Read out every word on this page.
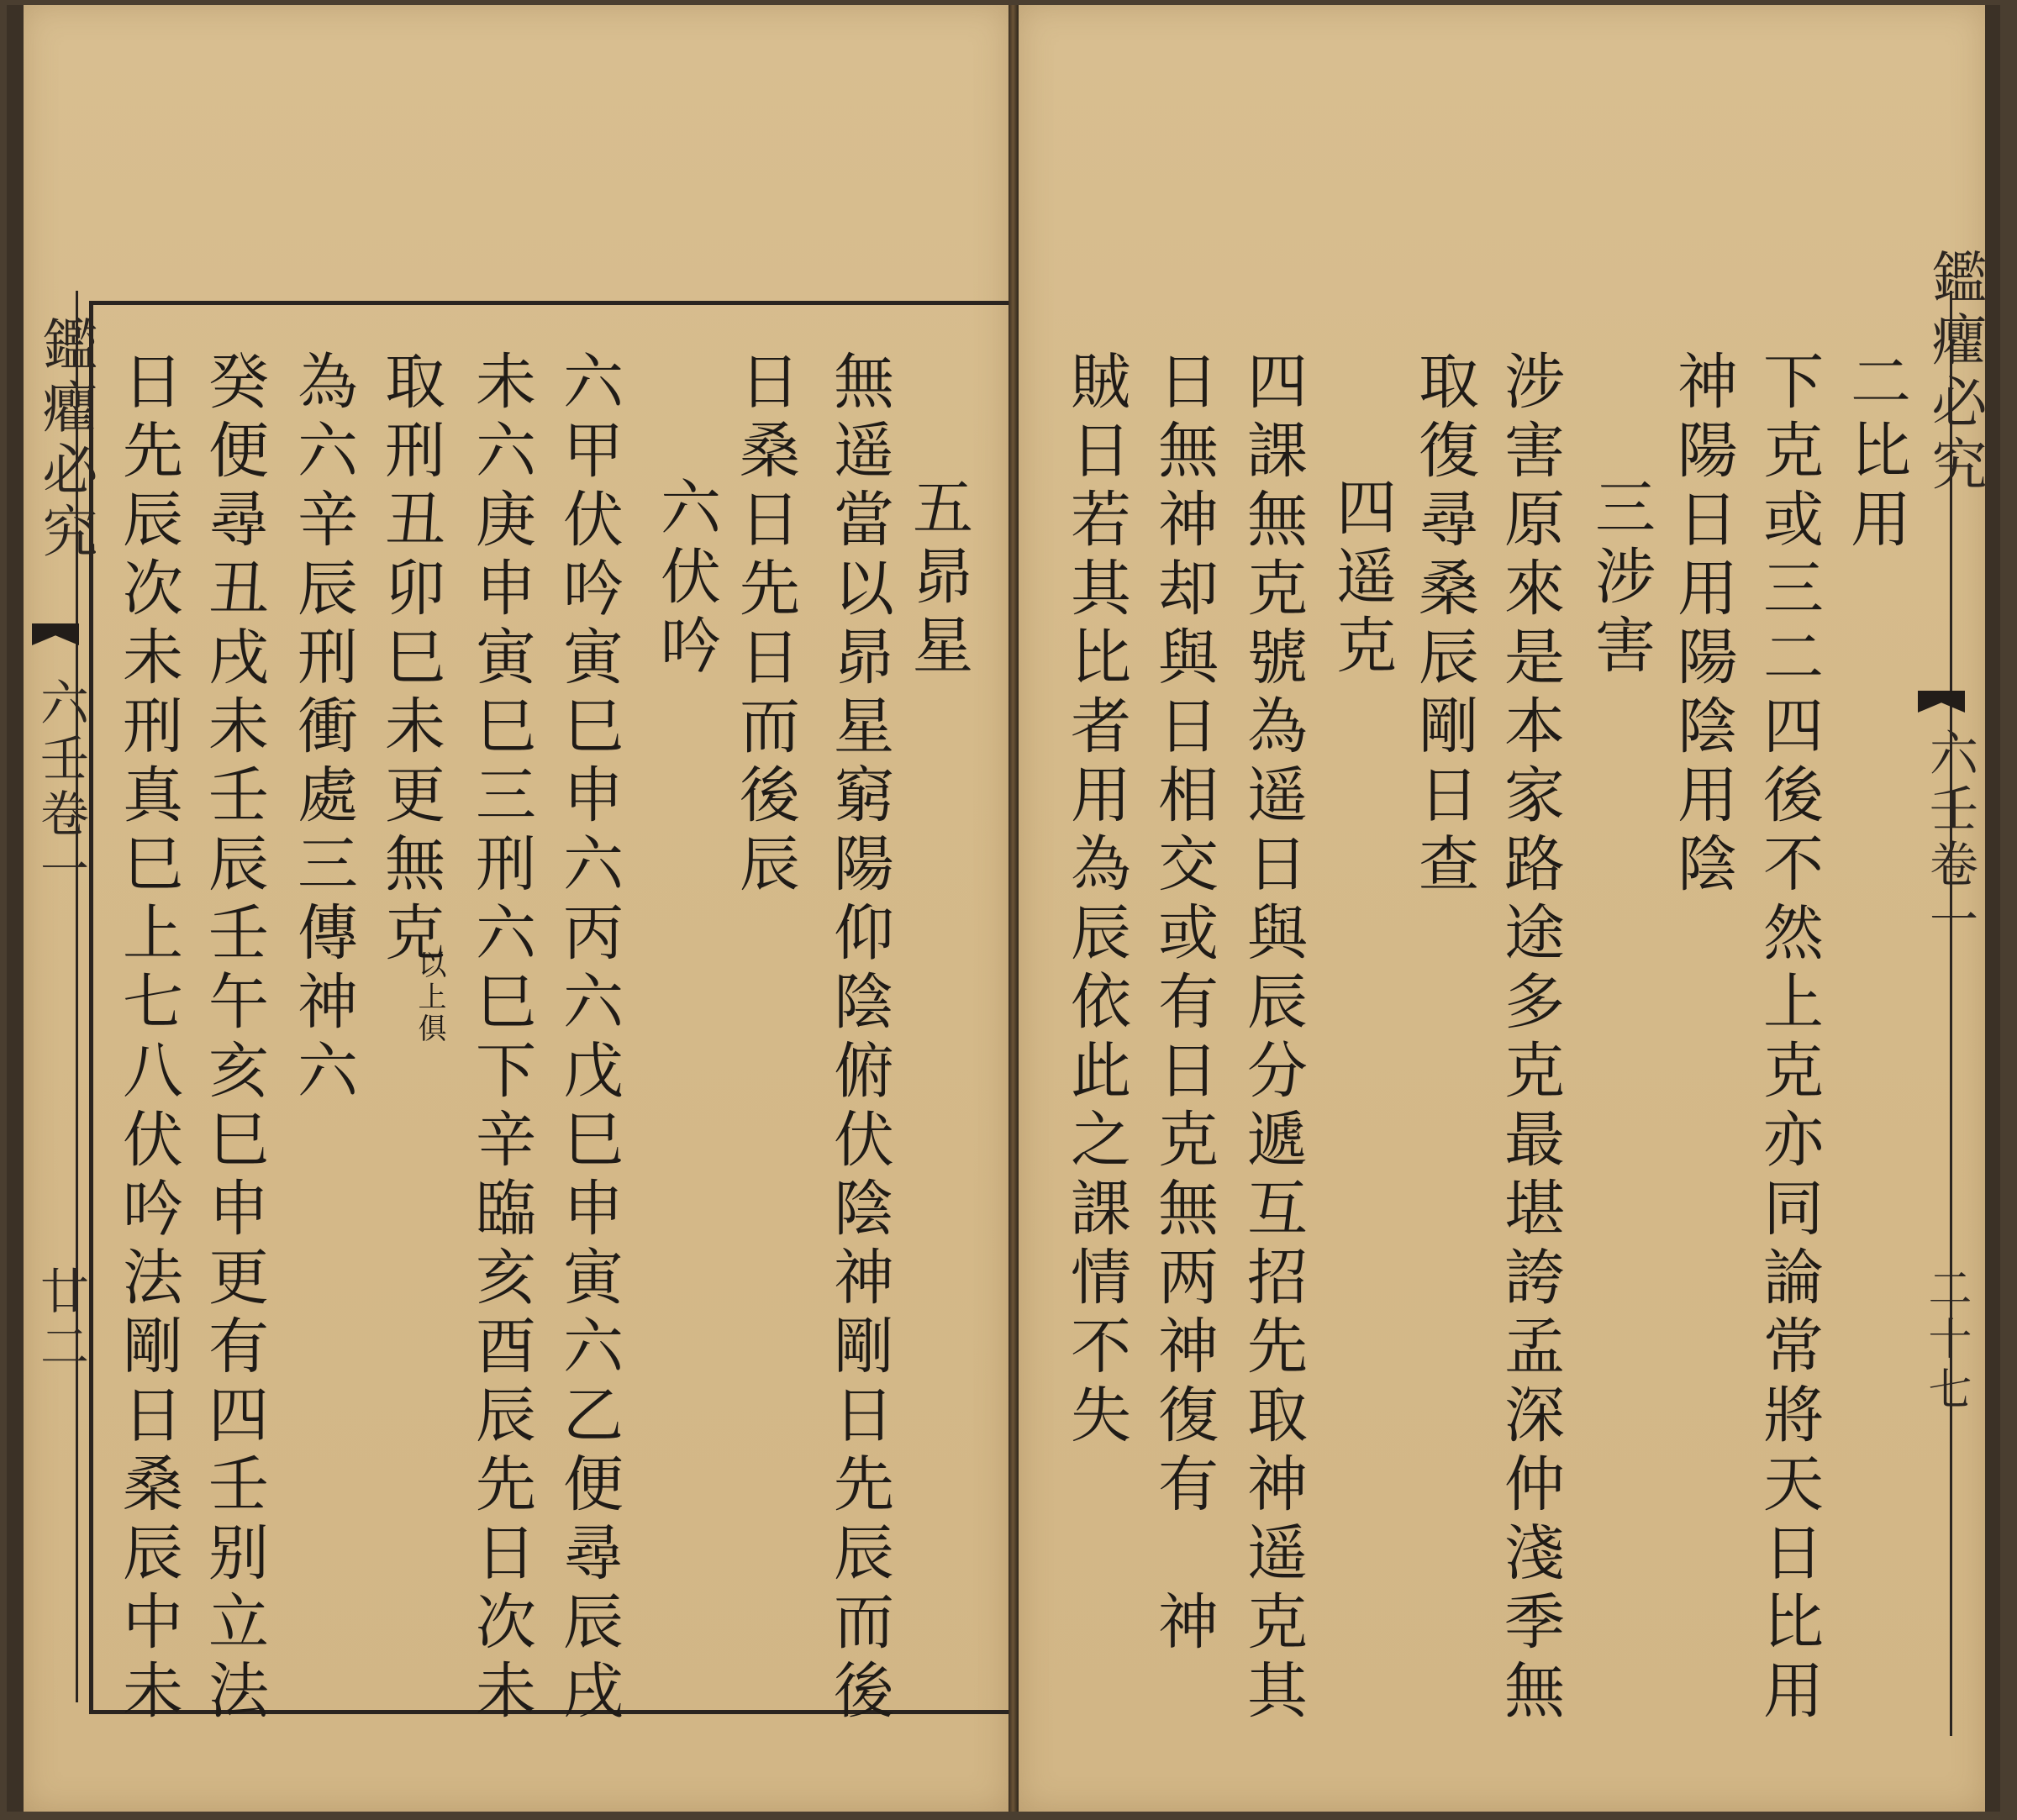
鑑癯必究
六壬卷一
廿二
五昴星
無遥當以昴星窮陽仰陰俯伏陰神剛日先辰而後
日桑日先日而後辰
六伏吟
六甲伏吟寅巳申六丙六戊巳申寅六乙便尋辰戌
未六庚申寅巳三刑六巳下辛臨亥酉辰先日次未
取刑丑卯巳未更無克
以上俱
為六辛辰刑衝處三傳神六
癸便尋丑戌未壬辰壬午亥巳申更有四壬别立法
日先辰次未刑真巳上七八伏吟法剛日桑辰中未	鑑癯必究
六壬卷一
二十七
二比用
下克或三二四後不然上克亦同論常將天日比用
神陽日用陽陰用陰
三涉害
涉害原來是本家路途多克最堪誇孟深仲淺季無
取復尋桑辰剛日查
四遥克
四課無克號為遥日與辰分遞互招先取神遥克其
日無神却與日相交或有日克無两神復有　神
賊日若其比者用為辰依此之課情不失
